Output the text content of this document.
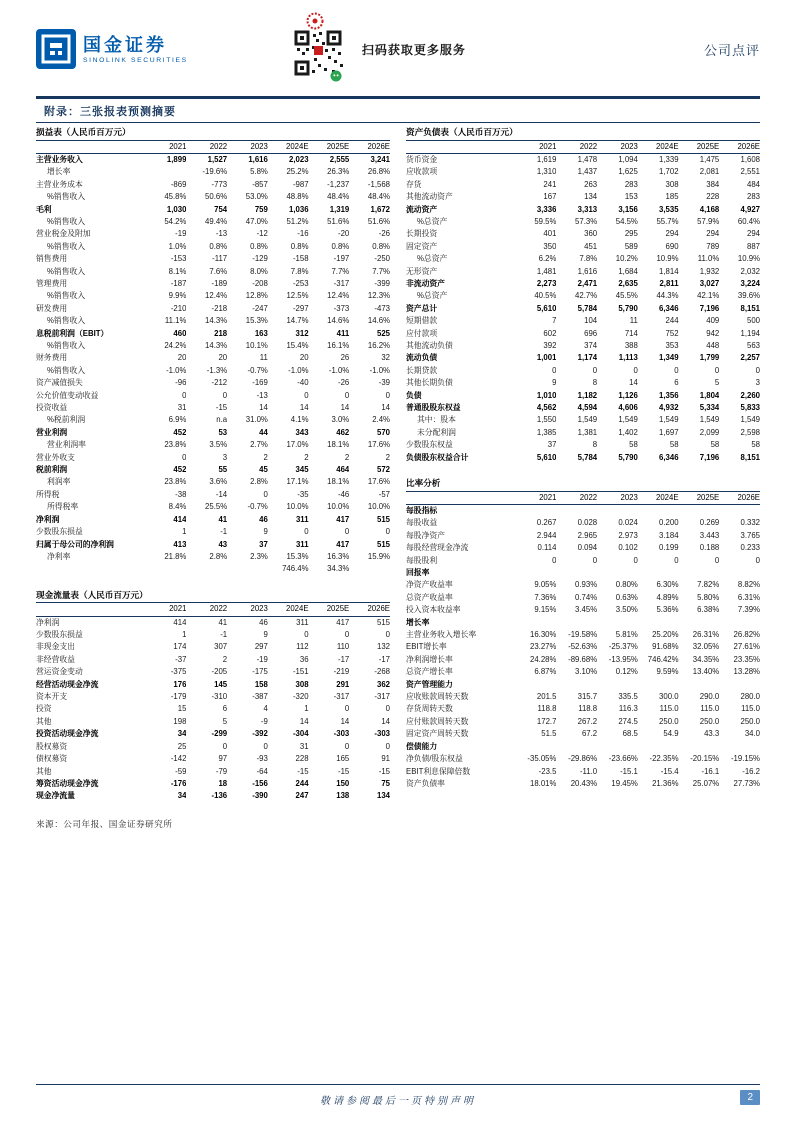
国金证券
SINOLINK SECURITIES
扫码获取更多服务	公司点评
附录：三张报表预测摘要
损益表（人民币百万元）						
	2021	2022	2023	2024E	2025E	2026E
主营业务收入	1,899	1,527	1,616	2,023	2,555	3,241
增长率		-19.6%	5.8%	25.2%	26.3%	26.8%
主营业务成本	-869	-773	-857	-987	-1,237	-1,568
%销售收入	45.8%	50.6%	53.0%	48.8%	48.4%	48.4%
毛利	1,030	754	759	1,036	1,319	1,672
%销售收入	54.2%	49.4%	47.0%	51.2%	51.6%	51.6%
营业税金及附加	-19	-13	-12	-16	-20	-26
%销售收入	1.0%	0.8%	0.8%	0.8%	0.8%	0.8%
销售费用	-153	-117	-129	-158	-197	-250
%销售收入	8.1%	7.6%	8.0%	7.8%	7.7%	7.7%
管理费用	-187	-189	-208	-253	-317	-399
%销售收入	9.9%	12.4%	12.8%	12.5%	12.4%	12.3%
研发费用	-210	-218	-247	-297	-373	-473
%销售收入	11.1%	14.3%	15.3%	14.7%	14.6%	14.6%
息税前利润（EBIT）	460	218	163	312	411	525
%销售收入	24.2%	14.3%	10.1%	15.4%	16.1%	16.2%
财务费用	20	20	11	20	26	32
%销售收入	-1.0%	-1.3%	-0.7%	-1.0%	-1.0%	-1.0%
资产减值损失	-96	-212	-169	-40	-26	-39
公允价值变动收益	0	0	-13	0	0	0
投资收益	31	-15	14	14	14	14
%税前利润	6.9%	n.a	31.0%	4.1%	3.0%	2.4%
营业利润	452	53	44	343	462	570
营业利润率	23.8%	3.5%	2.7%	17.0%	18.1%	17.6%
营业外收支	0	3	2	2	2	2
税前利润	452	55	45	345	464	572
利润率	23.8%	3.6%	2.8%	17.1%	18.1%	17.6%
所得税	-38	-14	0	-35	-46	-57
所得税率	8.4%	25.5%	-0.7%	10.0%	10.0%	10.0%
净利润	414	41	46	311	417	515
少数股东损益	1	-1	9	0	0	0
归属于母公司的净利润	413	43	37	311	417	515
净利率	21.8%	2.8%	2.3%	15.3%	16.3%	15.9%
				746.4%	34.3%	
现金流量表（人民币百万元）						
	2021	2022	2023	2024E	2025E	2026E
净利润	414	41	46	311	417	515
少数股东损益	1	-1	9	0	0	0
非现金支出	174	307	297	112	110	132
非经营收益	-37	2	-19	36	-17	-17
营运资金变动	-375	-205	-175	-151	-219	-268
经营活动现金净流	176	145	158	308	291	362
资本开支	-179	-310	-387	-320	-317	-317
投资	15	6	4	1	0	0
其他	198	5	-9	14	14	14
投资活动现金净流	34	-299	-392	-304	-303	-303
股权募资	25	0	0	31	0	0
债权募资	-142	97	-93	228	165	91
其他	-59	-79	-64	-15	-15	-15
筹资活动现金净流	-176	18	-156	244	150	75
现金净流量	34	-136	-390	247	138	134
资产负债表（人民币百万元）						
	2021	2022	2023	2024E	2025E	2026E
货币资金	1,619	1,478	1,094	1,339	1,475	1,608
应收款项	1,310	1,437	1,625	1,702	2,081	2,551
存货	241	263	283	308	384	484
其他流动资产	167	134	153	185	228	283
流动资产	3,336	3,313	3,156	3,535	4,168	4,927
%总资产	59.5%	57.3%	54.5%	55.7%	57.9%	60.4%
长期投资	401	360	295	294	294	294
固定资产	350	451	589	690	789	887
%总资产	6.2%	7.8%	10.2%	10.9%	11.0%	10.9%
无形资产	1,481	1,616	1,684	1,814	1,932	2,032
非流动资产	2,273	2,471	2,635	2,811	3,027	3,224
%总资产	40.5%	42.7%	45.5%	44.3%	42.1%	39.6%
资产总计	5,610	5,784	5,790	6,346	7,196	8,151
短期借款	7	104	11	244	409	500
应付款项	602	696	714	752	942	1,194
其他流动负债	392	374	388	353	448	563
流动负债	1,001	1,174	1,113	1,349	1,799	2,257
长期贷款	0	0	0	0	0	0
其他长期负债	9	8	14	6	5	3
负债	1,010	1,182	1,126	1,356	1,804	2,260
普通股股东权益	4,562	4,594	4,606	4,932	5,334	5,833
其中：股本	1,550	1,549	1,549	1,549	1,549	1,549
未分配利润	1,385	1,381	1,402	1,697	2,099	2,598
少数股东权益	37	8	58	58	58	58
负债股东权益合计	5,610	5,784	5,790	6,346	7,196	8,151
比率分析						
	2021	2022	2023	2024E	2025E	2026E
每股指标						
每股收益	0.267	0.028	0.024	0.200	0.269	0.332
每股净资产	2.944	2.965	2.973	3.184	3.443	3.765
每股经营现金净流	0.114	0.094	0.102	0.199	0.188	0.233
每股股利	0	0	0	0	0	0
回报率						
净资产收益率	9.05%	0.93%	0.80%	6.30%	7.82%	8.82%
总资产收益率	7.36%	0.74%	0.63%	4.89%	5.80%	6.31%
投入资本收益率	9.15%	3.45%	3.50%	5.36%	6.38%	7.39%
增长率						
主营业务收入增长率	16.30%	-19.58%	5.81%	25.20%	26.31%	26.82%
EBIT增长率	23.27%	-52.63%	-25.37%	91.68%	32.05%	27.61%
净利润增长率	24.28%	-89.68%	-13.95%	746.42%	34.35%	23.35%
总资产增长率	6.87%	3.10%	0.12%	9.59%	13.40%	13.28%
资产管理能力						
应收账款周转天数	201.5	315.7	335.5	300.0	290.0	280.0
存货周转天数	118.8	118.8	116.3	115.0	115.0	115.0
应付账款周转天数	172.7	267.2	274.5	250.0	250.0	250.0
固定资产周转天数	51.5	67.2	68.5	54.9	43.3	34.0
偿债能力						
净负债/股东权益	-35.05%	-29.86%	-23.66%	-22.35%	-20.15%	-19.15%
EBIT利息保障倍数	-23.5	-11.0	-15.1	-15.4	-16.1	-16.2
资产负债率	18.01%	20.43%	19.45%	21.36%	25.07%	27.73%
来源：公司年报、国金证券研究所
敬请参阅最后一页特别声明	2
